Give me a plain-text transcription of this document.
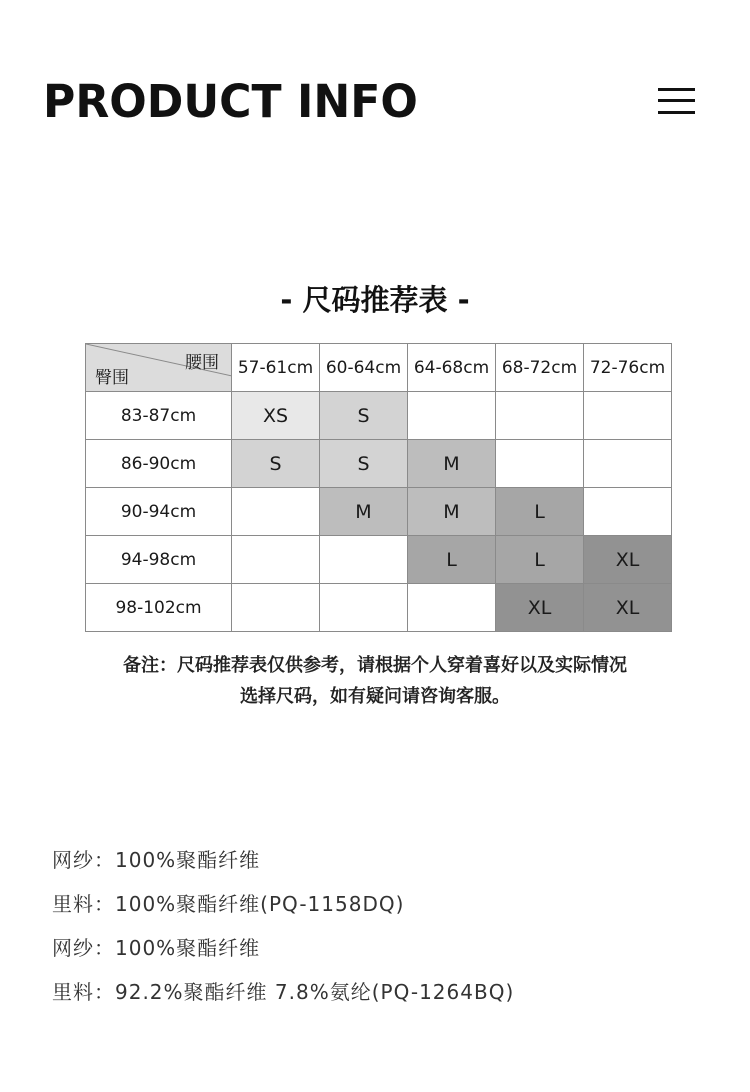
PRODUCT INFO
- 尺码推荐表 -
腰围
臀围	57-61cm	60-64cm	64-68cm	68-72cm	72-76cm
83-87cm	XS	S			
86-90cm	S	S	M		
90-94cm		M	M	L	
94-98cm			L	L	XL
98-102cm				XL	XL
备注：尺码推荐表仅供参考，请根据个人穿着喜好以及实际情况
选择尺码，如有疑问请咨询客服。
网纱：100%聚酯纤维
里料：100%聚酯纤维(PQ-1158DQ)
网纱：100%聚酯纤维
里料：92.2%聚酯纤维 7.8%氨纶(PQ-1264BQ)
